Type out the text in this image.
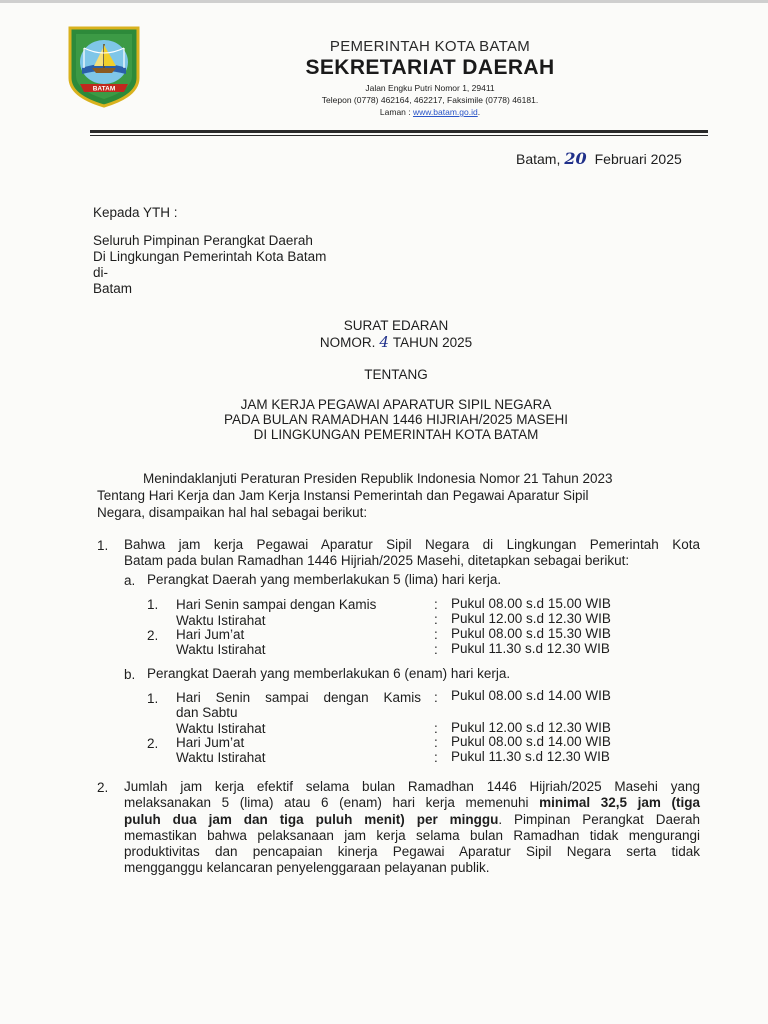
BATAM
PEMERINTAH KOTA BATAM
SEKRETARIAT DAERAH
Jalan Engku Putri Nomor 1, 29411
Telepon (0778) 462164, 462217, Faksimile (0778) 46181.
Laman : www.batam.go.id.
Batam, 20 Februari 2025
Kepada YTH :
Seluruh Pimpinan Perangkat Daerah
Di Lingkungan Pemerintah Kota Batam
di-
Batam
SURAT EDARAN
NOMOR. 4 TAHUN 2025
TENTANG
JAM KERJA PEGAWAI APARATUR SIPIL NEGARA
PADA BULAN RAMADHAN 1446 HIJRIAH/2025 MASEHI
DI LINGKUNGAN PEMERINTAH KOTA BATAM
Menindaklanjuti Peraturan Presiden Republik Indonesia Nomor 21 Tahun 2023
Tentang Hari Kerja dan Jam Kerja Instansi Pemerintah dan Pegawai Aparatur Sipil
Negara, disampaikan hal hal sebagai berikut:
1. Bahwa jam kerja Pegawai Aparatur Sipil Negara di Lingkungan Pemerintah Kota
Batam pada bulan Ramadhan 1446 Hijriah/2025 Masehi, ditetapkan sebagai berikut:
a. Perangkat Daerah yang memberlakukan 5 (lima) hari kerja.
1. Hari Senin sampai dengan Kamis	: Pukul 08.00 s.d 15.00 WIB
Waktu Istirahat	: Pukul 12.00 s.d 12.30 WIB
2. Hari Jum’at	: Pukul 08.00 s.d 15.30 WIB
Waktu Istirahat	: Pukul 11.30 s.d 12.30 WIB
b. Perangkat Daerah yang memberlakukan 6 (enam) hari kerja.
1. Hari Senin sampai dengan Kamis : Pukul 08.00 s.d 14.00 WIB
dan Sabtu
Waktu Istirahat	: Pukul 12.00 s.d 12.30 WIB
2. Hari Jum’at	: Pukul 08.00 s.d 14.00 WIB
Waktu Istirahat	: Pukul 11.30 s.d 12.30 WIB
2. Jumlah jam kerja efektif selama bulan Ramadhan 1446 Hijriah/2025 Masehi yang
melaksanakan 5 (lima) atau 6 (enam) hari kerja memenuhi minimal 32,5 jam (tiga
puluh dua jam dan tiga puluh menit) per minggu. Pimpinan Perangkat Daerah
memastikan bahwa pelaksanaan jam kerja selama bulan Ramadhan tidak mengurangi
produktivitas dan pencapaian kinerja Pegawai Aparatur Sipil Negara serta tidak
mengganggu kelancaran penyelenggaraan pelayanan publik.
